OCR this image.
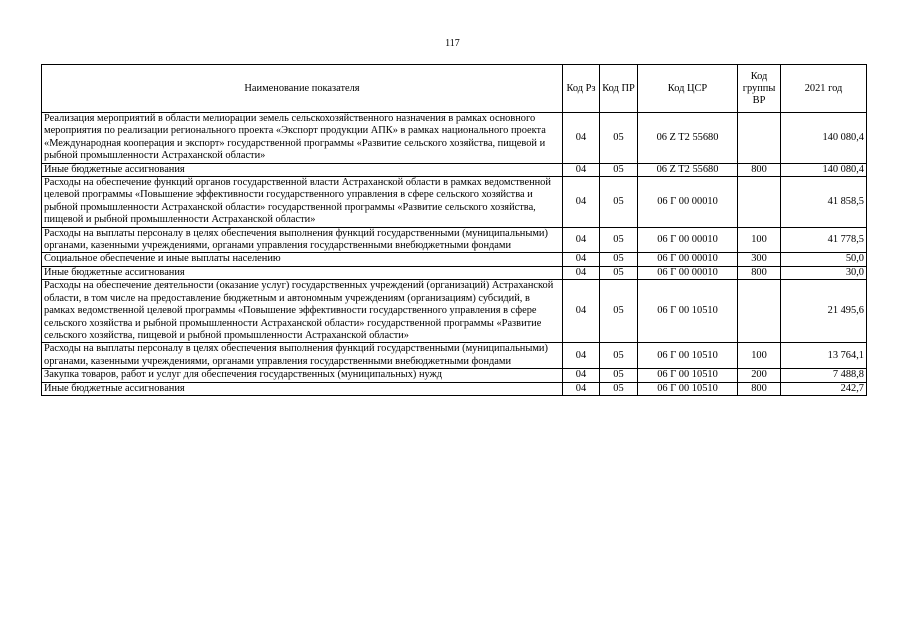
117
Наименование показателя	Код Рз	Код ПР	Код ЦСР	Код группы ВР	2021 год
Реализация мероприятий в области мелиорации земель сельскохозяйственного назначения в рамках основного мероприятия по реализации регионального проекта «Экспорт продукции АПК» в рамках национального проекта «Международная кооперация и экспорт» государственной программы «Развитие сельского хозяйства, пищевой и рыбной промышленности Астраханской области»	04	05	06 Z T2 55680		140 080,4
Иные бюджетные ассигнования	04	05	06 Z T2 55680	800	140 080,4
Расходы на обеспечение функций органов государственной власти Астраханской области в рамках ведомственной целевой программы «Повышение эффективности государственного управления в сфере сельского хозяйства и рыбной промышленности Астраханской области» государственной программы «Развитие сельского хозяйства, пищевой и рыбной промышленности Астраханской области»	04	05	06 Г 00 00010		41 858,5
Расходы на выплаты персоналу в целях обеспечения выполнения функций государственными (муниципальными) органами, казенными учреждениями, органами управления государственными внебюджетными фондами	04	05	06 Г 00 00010	100	41 778,5
Социальное обеспечение и иные выплаты населению	04	05	06 Г 00 00010	300	50,0
Иные бюджетные ассигнования	04	05	06 Г 00 00010	800	30,0
Расходы на обеспечение деятельности (оказание услуг) государственных учреждений (организаций) Астраханской области, в том числе на предоставление бюджетным и автономным учреждениям (организациям) субсидий, в рамках ведомственной целевой программы «Повышение эффективности государственного управления в сфере сельского хозяйства и рыбной промышленности Астраханской области» государственной программы «Развитие сельского хозяйства, пищевой и рыбной промышленности Астраханской области»	04	05	06 Г 00 10510		21 495,6
Расходы на выплаты персоналу в целях обеспечения выполнения функций государственными (муниципальными) органами, казенными учреждениями, органами управления государственными внебюджетными фондами	04	05	06 Г 00 10510	100	13 764,1
Закупка товаров, работ и услуг для обеспечения государственных (муниципальных) нужд	04	05	06 Г 00 10510	200	7 488,8
Иные бюджетные ассигнования	04	05	06 Г 00 10510	800	242,7
